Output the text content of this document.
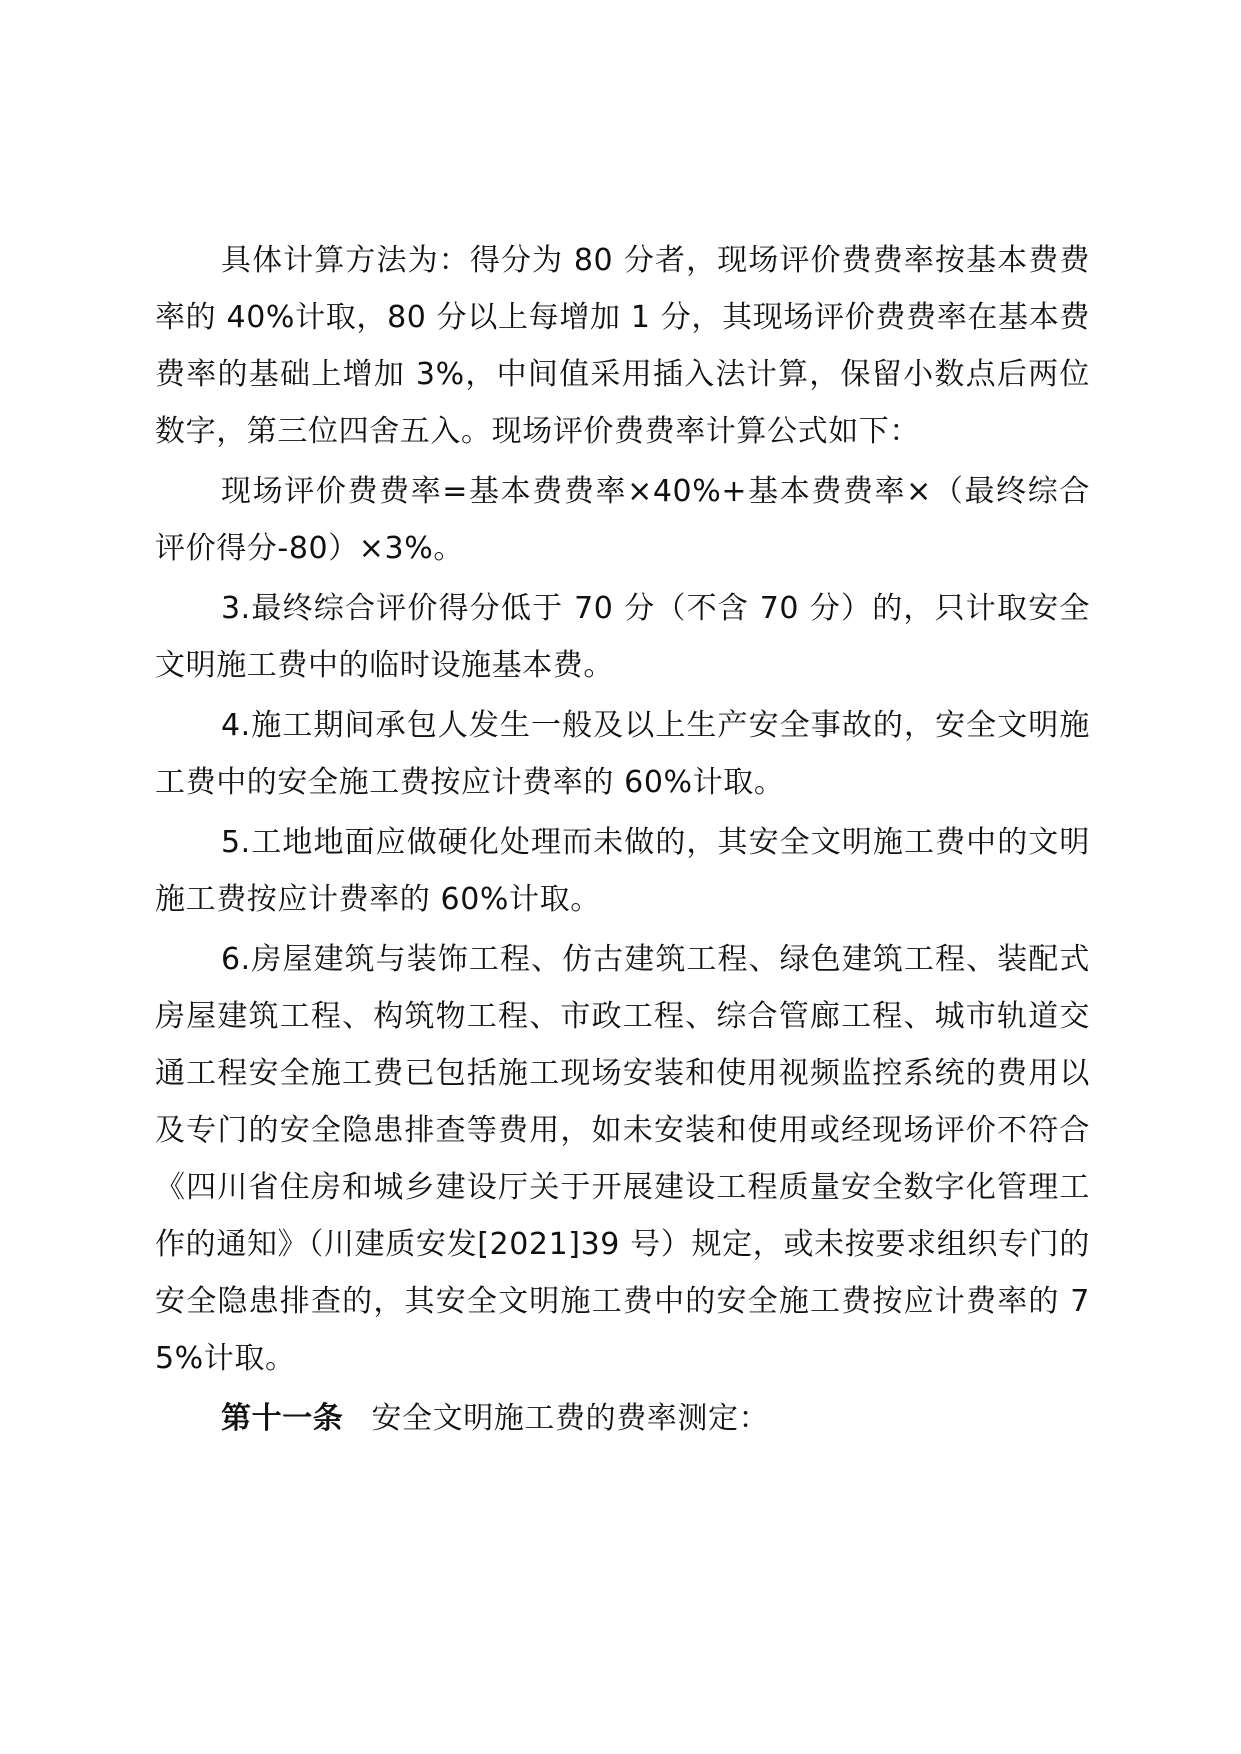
具体计算方法为：得分为 80 分者，现场评价费费率按基本费费率的 40%计取，80 分以上每增加 1 分，其现场评价费费率在基本费费率的基础上增加 3%，中间值采用插入法计算，保留小数点后两位数字，第三位四舍五入。现场评价费费率计算公式如下：

现场评价费费率=基本费费率×40%+基本费费率×（最终综合评价得分-80）×3%。

3.最终综合评价得分低于 70 分（不含 70 分）的，只计取安全文明施工费中的临时设施基本费。

4.施工期间承包人发生一般及以上生产安全事故的，安全文明施工费中的安全施工费按应计费率的 60%计取。

5.工地地面应做硬化处理而未做的，其安全文明施工费中的文明施工费按应计费率的 60%计取。

6.房屋建筑与装饰工程、仿古建筑工程、绿色建筑工程、装配式房屋建筑工程、构筑物工程、市政工程、综合管廊工程、城市轨道交通工程安全施工费已包括施工现场安装和使用视频监控系统的费用以及专门的安全隐患排查等费用，如未安装和使用或经现场评价不符合《四川省住房和城乡建设厅关于开展建设工程质量安全数字化管理工作的通知》（川建质安发[2021]39 号）规定，或未按要求组织专门的安全隐患排查的，其安全文明施工费中的安全施工费按应计费率的 75%计取。

第十一条 安全文明施工费的费率测定：
